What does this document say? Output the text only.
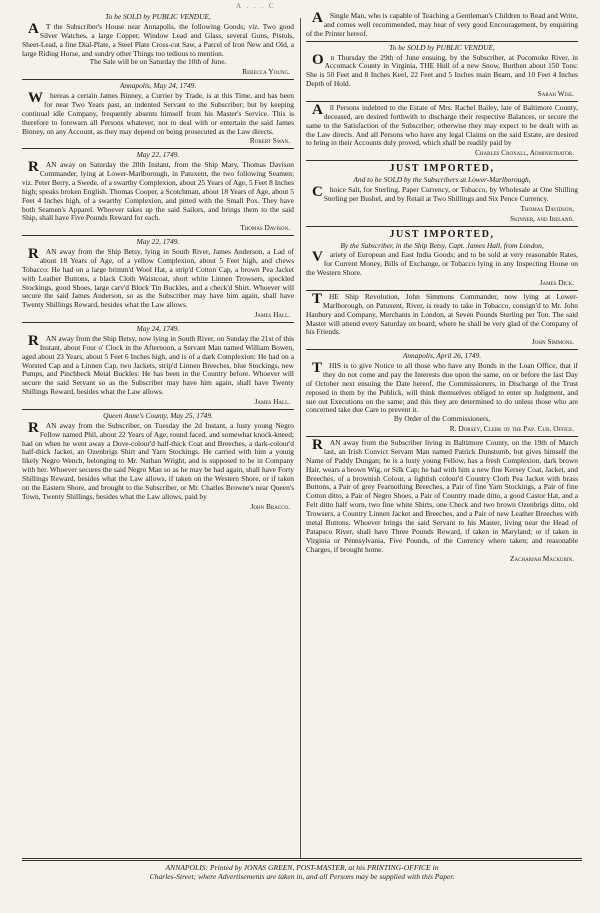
A . . . C
To be SOLD by PUBLIC VENDUE,

AT the Subscriber's House near Annapolis, the following Goods; viz. Two good Silver Watches, a large Copper, Window Lead and Glass, several Guns, Pistols, Sheet-Lead, a fine Dial-Plate, a Steel Plate Cross-cut Saw, a Parcel of Iron New and Old, a large Riding Horse, and sundry other Things too tedious to mention.

The Sale will be on Saturday the 10th of June.

Rebecca Young.
Annapolis, May 24, 1749.

Whereas a certain James Binney, a Currier by Trade, is at this Time, and has been for near Two Years past, an indented Servant to the Subscriber; but by keeping continual idle Company, frequently absents himself from his Master's Service. This is therefore to forewarn all Persons whatever, not to deal with or entertain the said James Binney, on any Account, as they may depend on being prosecuted as the Law directs.

Robert Swan.
May 22, 1749.

RAN away on Saturday the 20th Instant, from the Ship Mary, Thomas Davison Commander, lying at Lower-Marlborough, in Patuxent, the two following Seamen; viz. Peter Berry, a Swede, of a swarthy Complexion, about 25 Years of Age, 5 Feet 8 Inches high; speaks broken English. Thomas Cooper, a Scotchman, about 18 Years of Age, about 5 Feet 4 Inches high, of a swarthy Complexion, and pitted with the Small Pox. They have both Seamen's Apparel. Whoever takes up the said Sailors, and brings them to the said Ship, shall have Five Pounds Reward for each.

Thomas Davison.
May 22, 1749.

RAN away from the Ship Betsy, lying in South River, James Anderson, a Lad of about 18 Years of Age, of a yellow Complexion, about 5 Feet high, and chews Tobacco: He had on a large brimm'd Wool Hat, a strip'd Cotton Cap, a brown Pea Jacket with Leather Buttons, a black Cloth Waistcoat, short white Linnen Trowsers, speckled Stockings, good Shoes, large carv'd Block Tin Buckles, and a check'd Shirt. Whoever will secure the said James Anderson, so as the Subscriber may have him again, shall have Twenty Shillings Reward, besides what the Law allows.

James Hall.
May 24, 1749.

RAN away from the Ship Betsy, now lying in South River, on Sunday the 21st of this Instant, about Four o' Clock in the Afternoon, a Servant Man named William Bowen, aged about 23 Years, about 5 Feet 6 Inches high, and is of a dark Complexion: He had on a Worsted Cap and a Linnen Cap, two Jackets, strip'd Linnen Breeches, blue Stockings, new Pumps, and Pinchbeck Metal Buckles: He has been in the Country before. Whoever will secure the said Servant so as the Subscriber may have him again, shall have Twenty Shillings Reward, besides what the Law allows.

James Hall.
Queen Anne's County, May 25, 1749.

RAN away from the Subscriber, on Tuesday the 2d Instant, a lusty young Negro Fellow named Phil, about 22 Years of Age, round faced, and somewhat knock-kneed; had on when he went away a Dove-colour'd half-thick Coat and Breeches, a dark-colour'd half-thick Jacket, an Ozenbrigs Shirt and Yarn Stockings. He carried with him a young likely Negro Wench, belonging to Mr. Nathan Wright, and is supposed to be in Company with her. Whoever secures the said Negro Man so as he may be had again, shall have Forty Shillings Reward, besides what the Law allows, if taken on the Western Shore, or if taken on the Eastern Shore, and brought to the Subscriber, or Mr. Charles Browne's near Queen's Town, Twenty Shillings, besides what the Law allows, paid by

John Bracco.

ASingle Man, who is capable of Teaching a Gentleman's Children to Read and Write, and comes well recommended, may hear of very good Encouragement, by enquiring of the Printer hereof.

To be SOLD by PUBLIC VENDUE,

On Thursday the 29th of June ensuing, by the Subscriber, at Pocomoke River, in Accomack County in Virginia, THE Hull of a new Snow, Burthen about 150 Tons: She is 50 Feet and 8 Inches Keel, 22 Feet and 5 Inches main Beam, and 10 Feet 4 Inches Depth of Hold.

Sarah Wise.

All Persons indebted to the Estate of Mrs. Rachel Bailey, late of Baltimore County, deceased, are desired forthwith to discharge their respective Balances, or secure the same to the Satisfaction of the Subscriber; otherwise they may expect to be dealt with as the Law directs. And all Persons who have any legal Claims on the said Estate, are desired to bring in their Accounts duly proved, which shall be readily paid by

Charles Croxall, Administrator.
JUST IMPORTED,
And to be SOLD by the Subscribers at Lower-Marlborough,

Choice Salt, for Sterling, Paper Currency, or Tobacco, by Wholesale at One Shilling Sterling per Bushel, and by Retail at Two Shillings and Six Pence Currency.

Thomas Davidson,
Skinner, and Ireland.
JUST IMPORTED,
By the Subscriber, in the Ship Betsy, Capt. James Hall, from London,

Variety of European and East India Goods; and to be sold at very reasonable Rates, for Current Money, Bills of Exchange, or Tobacco lying in any Inspecting House on the Western Shore.

James Dick.

THE Ship Revolution, John Simmons Commander, now lying at Lower-Marlborough, on Patuxent, River, is ready to take in Tobacco, consign'd to Mr. John Hanbury and Company, Merchants in London, at Seven Pounds Sterling per Ton. The said Master will attend every Saturday on board, where he shall be very glad of the Company of his Friends.

John Simmons.
Annapolis, April 26, 1749.

THIS is to give Notice to all those who have any Bonds in the Loan Office, that if they do not come and pay the Interests due upon the same, on or before the last Day of October next ensuing the Date hereof, the Commissioners, in Discharge of the Trust reposed in them by the Publick, will think themselves obliged to enter up Judgment, and sue out Executions on the same; and this they are determined to do unless those who are concerned take due Care to prevent it.

By Order of the Commissioners,

R. Dorsey, Clerk of the Pap. Cur. Office.

RAN away from the Subscriber living in Baltimore County, on the 19th of March last, an Irish Convict Servant Man named Patrick Dunstumb, but gives himself the Name of Paddy Dungan; he is a lusty young Fellow, has a fresh Complexion, dark brown Hair, wears a brown Wig, or Silk Cap; he had with him a new fine Kersey Coat, Jacket, and Breeches, of a brownish Colour, a lightish colour'd Country Cloth Pea Jacket with brass Buttons, a Pair of grey Fearnothing Breeches, a Pair of fine Yarn Stockings, a Pair of fine Cotton ditto, a Pair of Negro Shoes, a Pair of Country made ditto, a good Castor Hat, and a Felt ditto half worn, two fine white Shirts, one Check and two brown Ozenbrigs ditto, old Trowsers, a Country Linnen Jacket and Breeches, and a Pair of new Leather Breeches with metal Buttons. Whoever brings the said Servant to his Master, living near the Head of Patapsco River, shall have Three Pounds Reward, if taken in Maryland; or if taken in Virginia or Pennsylvania, Five Pounds, of the Currency where taken; and reasonable Charges, if brought home.

Zachariah Mackubin.
ANNAPOLIS: Printed by JONAS GREEN, POST-MASTER, at his PRINTING-OFFICE in
Charles-Street; where Advertisements are taken in, and all Persons may be supplied with this Paper.
